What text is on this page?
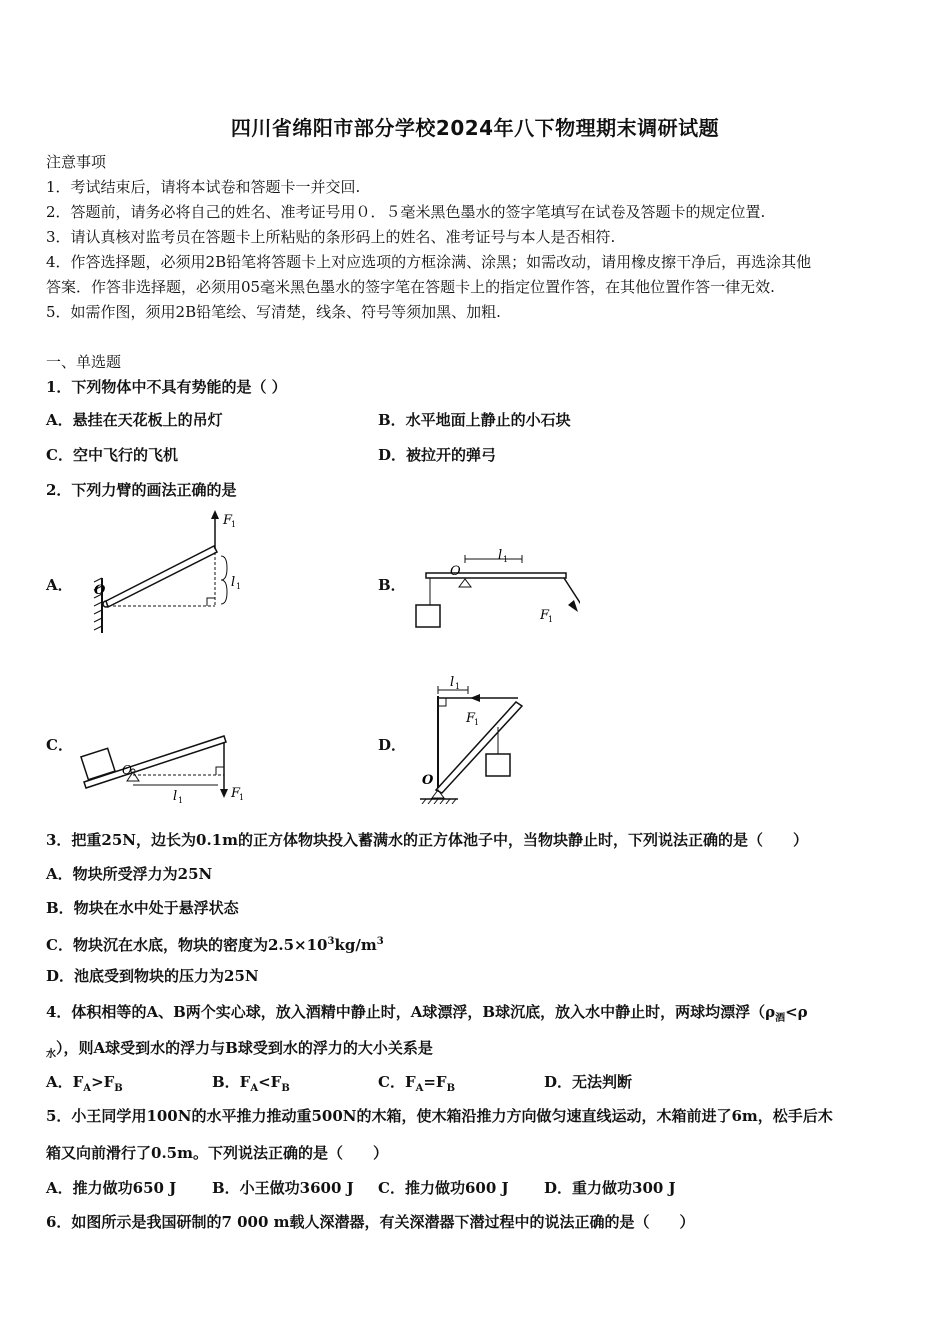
四川省绵阳市部分学校2024年八下物理期末调研试题
注意事项
1．考试结束后，请将本试卷和答题卡一并交回.
2．答题前，请务必将自己的姓名、准考证号用０．５毫米黑色墨水的签字笔填写在试卷及答题卡的规定位置.
3．请认真核对监考员在答题卡上所粘贴的条形码上的姓名、准考证号与本人是否相符.
4．作答选择题，必须用2B铅笔将答题卡上对应选项的方框涂满、涂黑；如需改动，请用橡皮擦干净后，再选涂其他
答案．作答非选择题，必须用05毫米黑色墨水的签字笔在答题卡上的指定位置作答，在其他位置作答一律无效.
5．如需作图，须用2B铅笔绘、写清楚，线条、符号等须加黑、加粗.
一、单选题
1．下列物体中不具有势能的是（ ）
A．悬挂在天花板上的吊灯	B．水平地面上静止的小石块
C．空中飞行的飞机	D．被拉开的弹弓
2．下列力臂的画法正确的是
A．	B．
C．	D．
O
F
1
l 1
O
l 1
F
1
O
l 1	F
1
l 1
F
1
O
3．把重25N，边长为0.1m的正方体物块投入蓄满水的正方体池子中，当物块静止时，下列说法正确的是（　　）
A．物块所受浮力为25N
B．物块在水中处于悬浮状态
C．物块沉在水底，物块的密度为$2.5\times 10^3kg/m^3$
D．池底受到物块的压力为25N
4．体积相等的A、B两个实心球，放入酒精中静止时，A球漂浮，B球沉底，放入水中静止时，两球均漂浮（$\rho_酒<\rho$
$_水$），则A球受到水的浮力与B球受到水的浮力的大小关系是
A．$F_A>F_B$	B．$F_A<F_B$	C．$F_A=F_B$	D．无法判断
5．小王同学用100N的水平推力推动重500N的木箱，使木箱沿推力方向做匀速直线运动，木箱前进了6m，松手后木
箱又向前滑行了0.5m。下列说法正确的是（　　）
A．推力做功650 J B．小王做功3600 J C．推力做功600 J D．重力做功300 J
6．如图所示是我国研制的7 000 m载人深潜器，有关深潜器下潜过程中的说法正确的是（　　）
